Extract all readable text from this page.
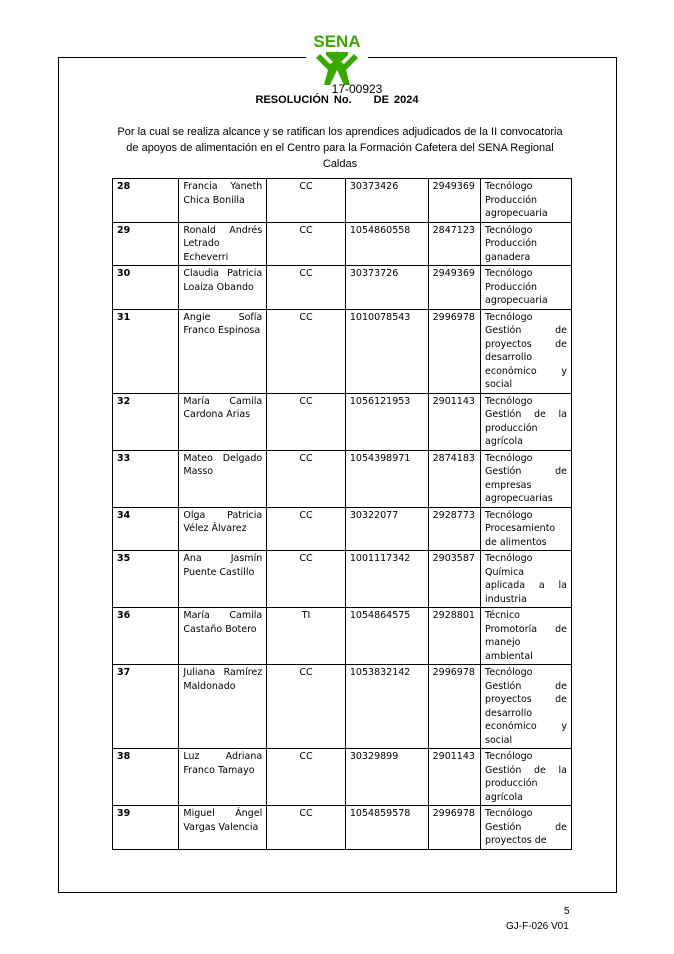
SENA
17-00923
RESOLUCIÓN No. DE 2024
Por la cual se realiza alcance y se ratifican los aprendices adjudicados de la II convocatoria de apoyos de alimentación en el Centro para la Formación Cafetera del SENA Regional Caldas
28	Francia Yaneth Chica Bonilla	CC	30373426	2949369	Tecnólogo Producción agropecuaria
29	Ronald Andrés Letrado Echeverri	CC	1054860558	2847123	Tecnólogo Producción ganadera
30	Claudia Patricia Loaiza Obando	CC	30373726	2949369	Tecnólogo Producción agropecuaria
31	Angie Sofía Franco Espinosa	CC	1010078543	2996978	Tecnólogo Gestión de proyectos de desarrollo económico y social
32	María Camila Cardona Arias	CC	1056121953	2901143	Tecnólogo Gestión de la producción agrícola
33	Mateo Delgado Masso	CC	1054398971	2874183	Tecnólogo Gestión de empresas agropecuarias
34	Olga Patricia Vélez Álvarez	CC	30322077	2928773	Tecnólogo Procesamiento de alimentos
35	Ana Jasmín Puente Castillo	CC	1001117342	2903587	Tecnólogo Química aplicada a la industria
36	María Camila Castaño Botero	TI	1054864575	2928801	Técnico Promotoría de manejo ambiental
37	Juliana Ramírez Maldonado	CC	1053832142	2996978	Tecnólogo Gestión de proyectos de desarrollo económico y social
38	Luz Adriana Franco Tamayo	CC	30329899	2901143	Tecnólogo Gestión de la producción agrícola
39	Miguel Ángel Vargas Valencia	CC	1054859578	2996978	Tecnólogo Gestión de proyectos de
5
GJ-F-026 V01
